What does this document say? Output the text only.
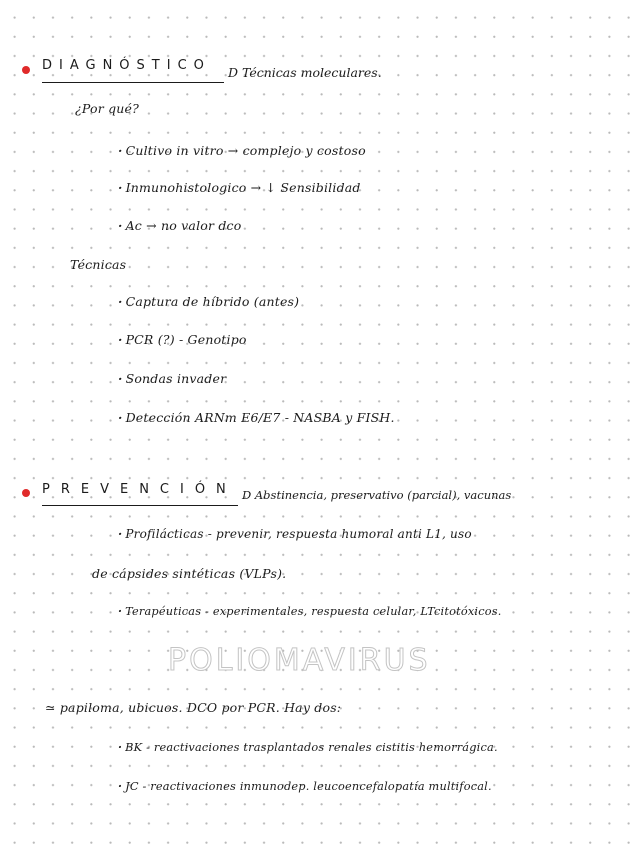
DIAGNÓSTICO D Técnicas moleculares.
¿Por qué?
· Cultivo in vitro → complejo y costoso
· Inmunohistologico → ↓ Sensibilidad
· Ac → no valor dco
Técnicas
· Captura de híbrido (antes)
· PCR (?) - Genotipo
· Sondas invader
· Detección ARNm E6/E7 - NASBA y FISH.
PREVENCIÓN D Abstinencia, preservativo (parcial), vacunas
· Profilácticas - prevenir, respuesta humoral anti L1, uso
de cápsides sintéticas (VLPs).
· Terapéuticas - experimentales, respuesta celular, LTcitotóxicos.
POLIOMAVIRUS
≃ papiloma, ubicuos. DCO por PCR. Hay dos:
· BK - reactivaciones trasplantados renales cistitis hemorrágica.
· JC - reactivaciones inmunodep. leucoencefalopatía multifocal.
